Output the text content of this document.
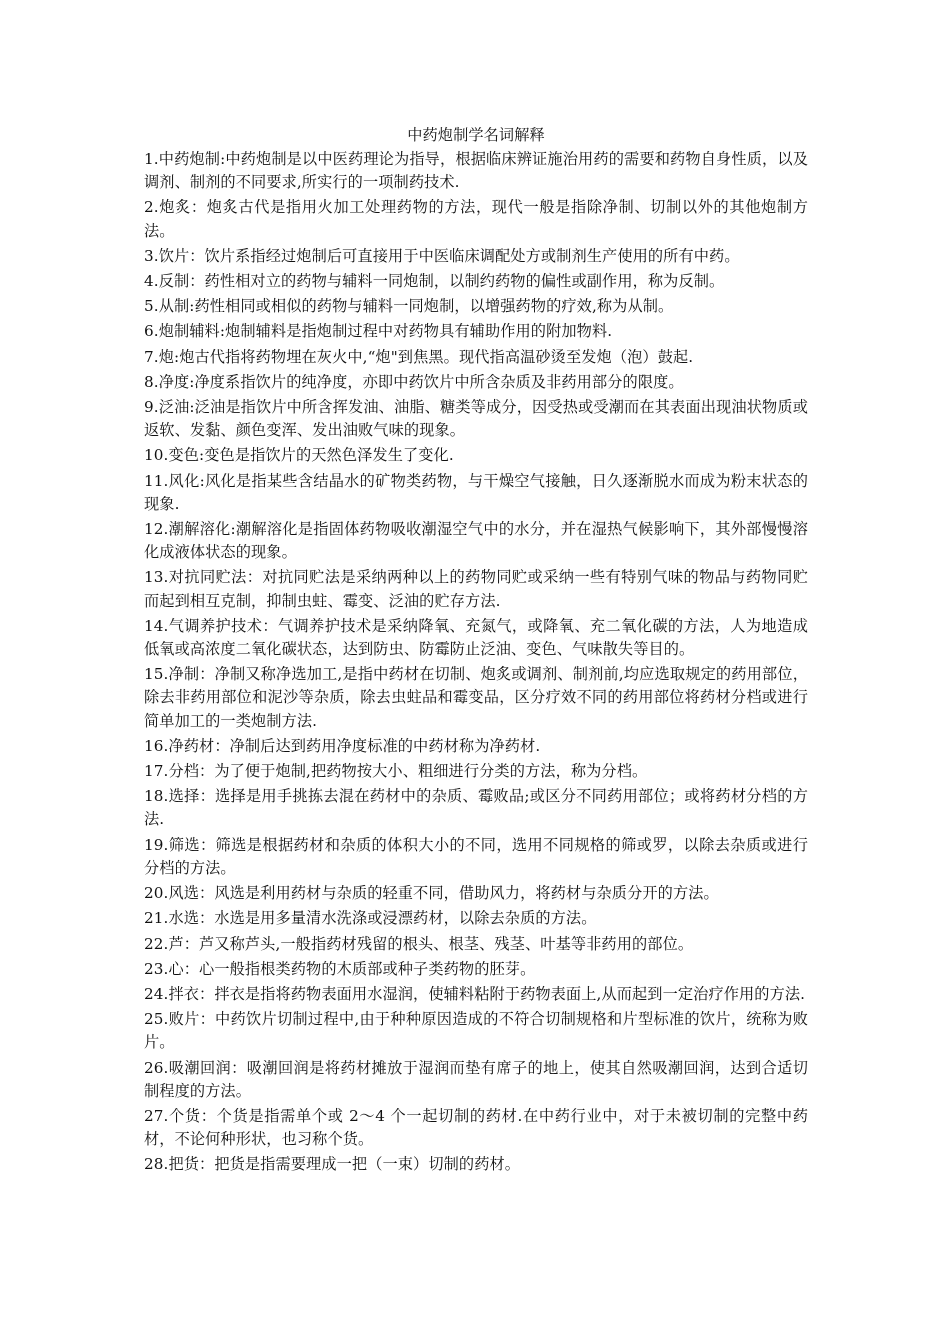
中药炮制学名词解释

1.中药炮制:中药炮制是以中医药理论为指导，根据临床辨证施治用药的需要和药物自身性质，以及调剂、制剂的不同要求,所实行的一项制药技术.

2.炮炙：炮炙古代是指用火加工处理药物的方法，现代一般是指除净制、切制以外的其他炮制方法。

3.饮片：饮片系指经过炮制后可直接用于中医临床调配处方或制剂生产使用的所有中药。

4.反制：药性相对立的药物与辅料一同炮制，以制约药物的偏性或副作用，称为反制。

5.从制:药性相同或相似的药物与辅料一同炮制，以增强药物的疗效,称为从制。

6.炮制辅料:炮制辅料是指炮制过程中对药物具有辅助作用的附加物料.

7.炮:炮古代指将药物埋在灰火中,“炮"到焦黑。现代指高温砂烫至发炮（泡）鼓起.

8.净度:净度系指饮片的纯净度，亦即中药饮片中所含杂质及非药用部分的限度。

9.泛油:泛油是指饮片中所含挥发油、油脂、糖类等成分，因受热或受潮而在其表面出现油状物质或返软、发黏、颜色变浑、发出油败气味的现象。

10.变色:变色是指饮片的天然色泽发生了变化.

11.风化:风化是指某些含结晶水的矿物类药物，与干燥空气接触，日久逐渐脱水而成为粉末状态的现象.

12.潮解溶化:潮解溶化是指固体药物吸收潮湿空气中的水分，并在湿热气候影响下，其外部慢慢溶化成液体状态的现象。

13.对抗同贮法：对抗同贮法是采纳两种以上的药物同贮或采纳一些有特别气味的物品与药物同贮而起到相互克制，抑制虫蛀、霉变、泛油的贮存方法.

14.气调养护技术：气调养护技术是采纳降氧、充氮气，或降氧、充二氧化碳的方法，人为地造成低氧或高浓度二氧化碳状态，达到防虫、防霉防止泛油、变色、气味散失等目的。

15.净制：净制又称净选加工,是指中药材在切制、炮炙或调剂、制剂前,均应选取规定的药用部位，除去非药用部位和泥沙等杂质，除去虫蛀品和霉变品，区分疗效不同的药用部位将药材分档或进行简单加工的一类炮制方法.

16.净药材：净制后达到药用净度标准的中药材称为净药材.

17.分档：为了便于炮制,把药物按大小、粗细进行分类的方法，称为分档。

18.选择：选择是用手挑拣去混在药材中的杂质、霉败品;或区分不同药用部位；或将药材分档的方法.

19.筛选：筛选是根据药材和杂质的体积大小的不同，选用不同规格的筛或罗，以除去杂质或进行分档的方法。

20.风选：风选是利用药材与杂质的轻重不同，借助风力，将药材与杂质分开的方法。

21.水选：水选是用多量清水洗涤或浸漂药材，以除去杂质的方法。

22.芦：芦又称芦头,一般指药材残留的根头、根茎、残茎、叶基等非药用的部位。

23.心：心一般指根类药物的木质部或种子类药物的胚芽。

24.拌衣：拌衣是指将药物表面用水湿润，使辅料粘附于药物表面上,从而起到一定治疗作用的方法.

25.败片：中药饮片切制过程中,由于种种原因造成的不符合切制规格和片型标准的饮片，统称为败片。

26.吸潮回润：吸潮回润是将药材摊放于湿润而垫有席子的地上，使其自然吸潮回润，达到合适切制程度的方法。

27.个货：个货是指需单个或 2～4 个一起切制的药材.在中药行业中，对于未被切制的完整中药材，不论何种形状，也习称个货。

28.把货：把货是指需要理成一把（一束）切制的药材。
